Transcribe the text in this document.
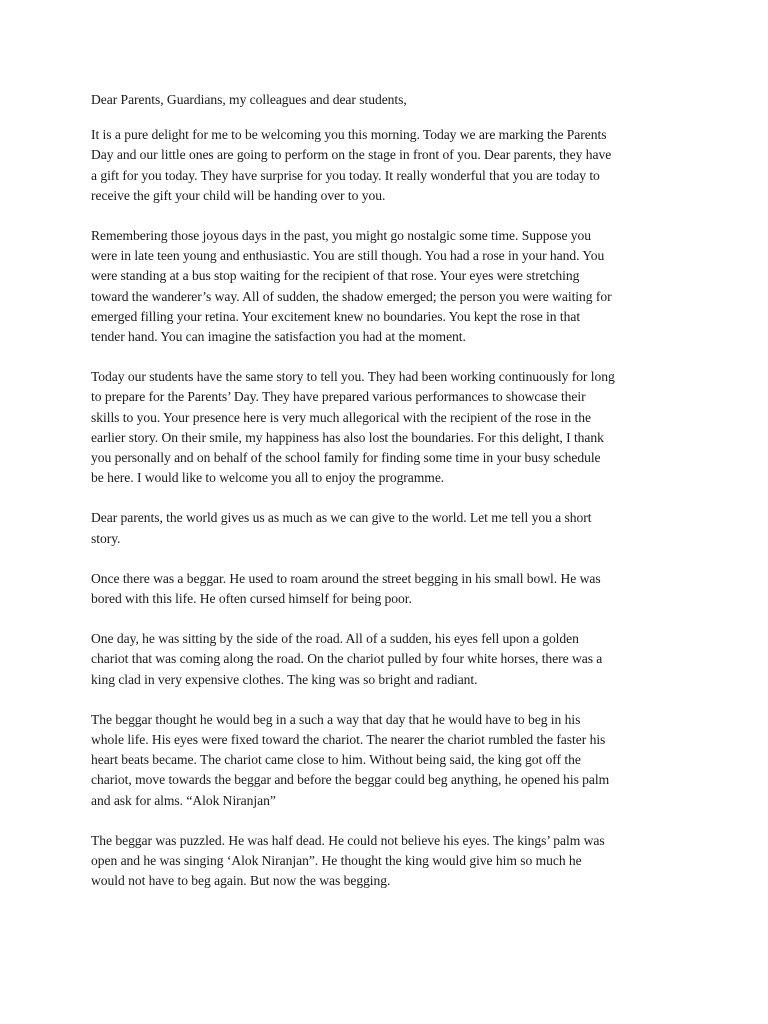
Dear Parents, Guardians, my colleagues and dear students,

It is a pure delight for me to be welcoming you this morning. Today we are marking the Parents
Day and our little ones are going to perform on the stage in front of you. Dear parents, they have
a gift for you today. They have surprise for you today. It really wonderful that you are today to
receive the gift your child will be handing over to you.
Remembering those joyous days in the past, you might go nostalgic some time. Suppose you
were in late teen young and enthusiastic. You are still though. You had a rose in your hand. You
were standing at a bus stop waiting for the recipient of that rose. Your eyes were stretching
toward the wanderer’s way. All of sudden, the shadow emerged; the person you were waiting for
emerged filling your retina. Your excitement knew no boundaries. You kept the rose in that
tender hand. You can imagine the satisfaction you had at the moment.
Today our students have the same story to tell you. They had been working continuously for long
to prepare for the Parents’ Day. They have prepared various performances to showcase their
skills to you. Your presence here is very much allegorical with the recipient of the rose in the
earlier story. On their smile, my happiness has also lost the boundaries. For this delight, I thank
you personally and on behalf of the school family for finding some time in your busy schedule
be here. I would like to welcome you all to enjoy the programme.
Dear parents, the world gives us as much as we can give to the world. Let me tell you a short
story.
Once there was a beggar. He used to roam around the street begging in his small bowl. He was
bored with this life. He often cursed himself for being poor.
One day, he was sitting by the side of the road. All of a sudden, his eyes fell upon a golden
chariot that was coming along the road. On the chariot pulled by four white horses, there was a
king clad in very expensive clothes. The king was so bright and radiant.
The beggar thought he would beg in a such a way that day that he would have to beg in his
whole life. His eyes were fixed toward the chariot. The nearer the chariot rumbled the faster his
heart beats became. The chariot came close to him. Without being said, the king got off the
chariot, move towards the beggar and before the beggar could beg anything, he opened his palm
and ask for alms. “Alok Niranjan”
The beggar was puzzled. He was half dead. He could not believe his eyes. The kings’ palm was
open and he was singing ‘Alok Niranjan”. He thought the king would give him so much he
would not have to beg again. But now the was begging.
